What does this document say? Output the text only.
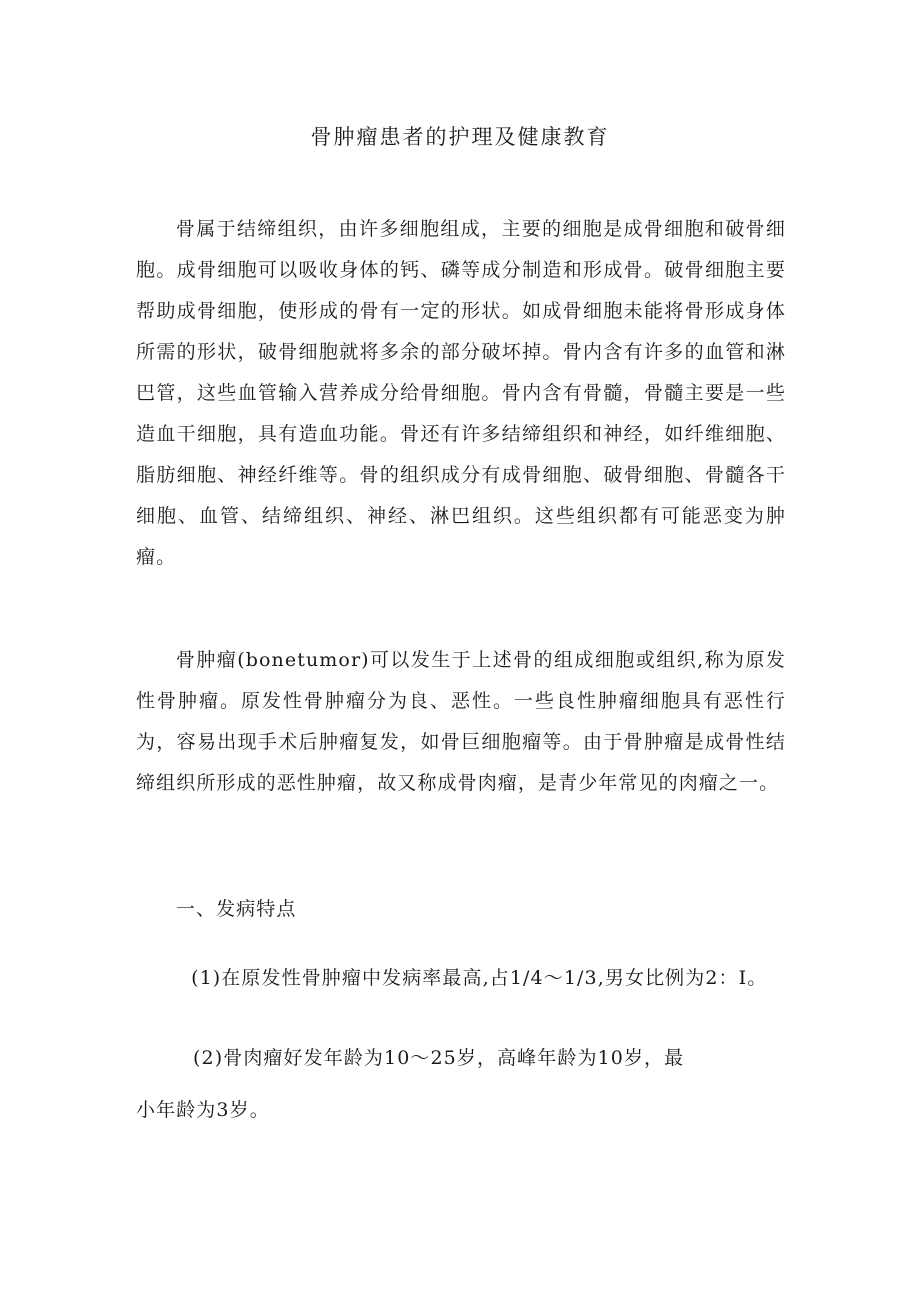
骨肿瘤患者的护理及健康教育
骨属于结缔组织，由许多细胞组成，主要的细胞是成骨细胞和破骨细胞。成骨细胞可以吸收身体的钙、磷等成分制造和形成骨。破骨细胞主要帮助成骨细胞，使形成的骨有一定的形状。如成骨细胞未能将骨形成身体所需的形状，破骨细胞就将多余的部分破坏掉。骨内含有许多的血管和淋巴管，这些血管输入营养成分给骨细胞。骨内含有骨髓，骨髓主要是一些造血干细胞，具有造血功能。骨还有许多结缔组织和神经，如纤维细胞、脂肪细胞、神经纤维等。骨的组织成分有成骨细胞、破骨细胞、骨髓各干细胞、血管、结缔组织、神经、淋巴组织。这些组织都有可能恶变为肿瘤。
骨肿瘤(bonetumor)可以发生于上述骨的组成细胞或组织,称为原发性骨肿瘤。原发性骨肿瘤分为良、恶性。一些良性肿瘤细胞具有恶性行为，容易出现手术后肿瘤复发，如骨巨细胞瘤等。由于骨肿瘤是成骨性结缔组织所形成的恶性肿瘤，故又称成骨肉瘤，是青少年常见的肉瘤之一。
一、发病特点
(1)在原发性骨肿瘤中发病率最高,占1/4～1/3,男女比例为2：I。
(2)骨肉瘤好发年龄为10～25岁，高峰年龄为10岁，最
小年龄为3岁。
